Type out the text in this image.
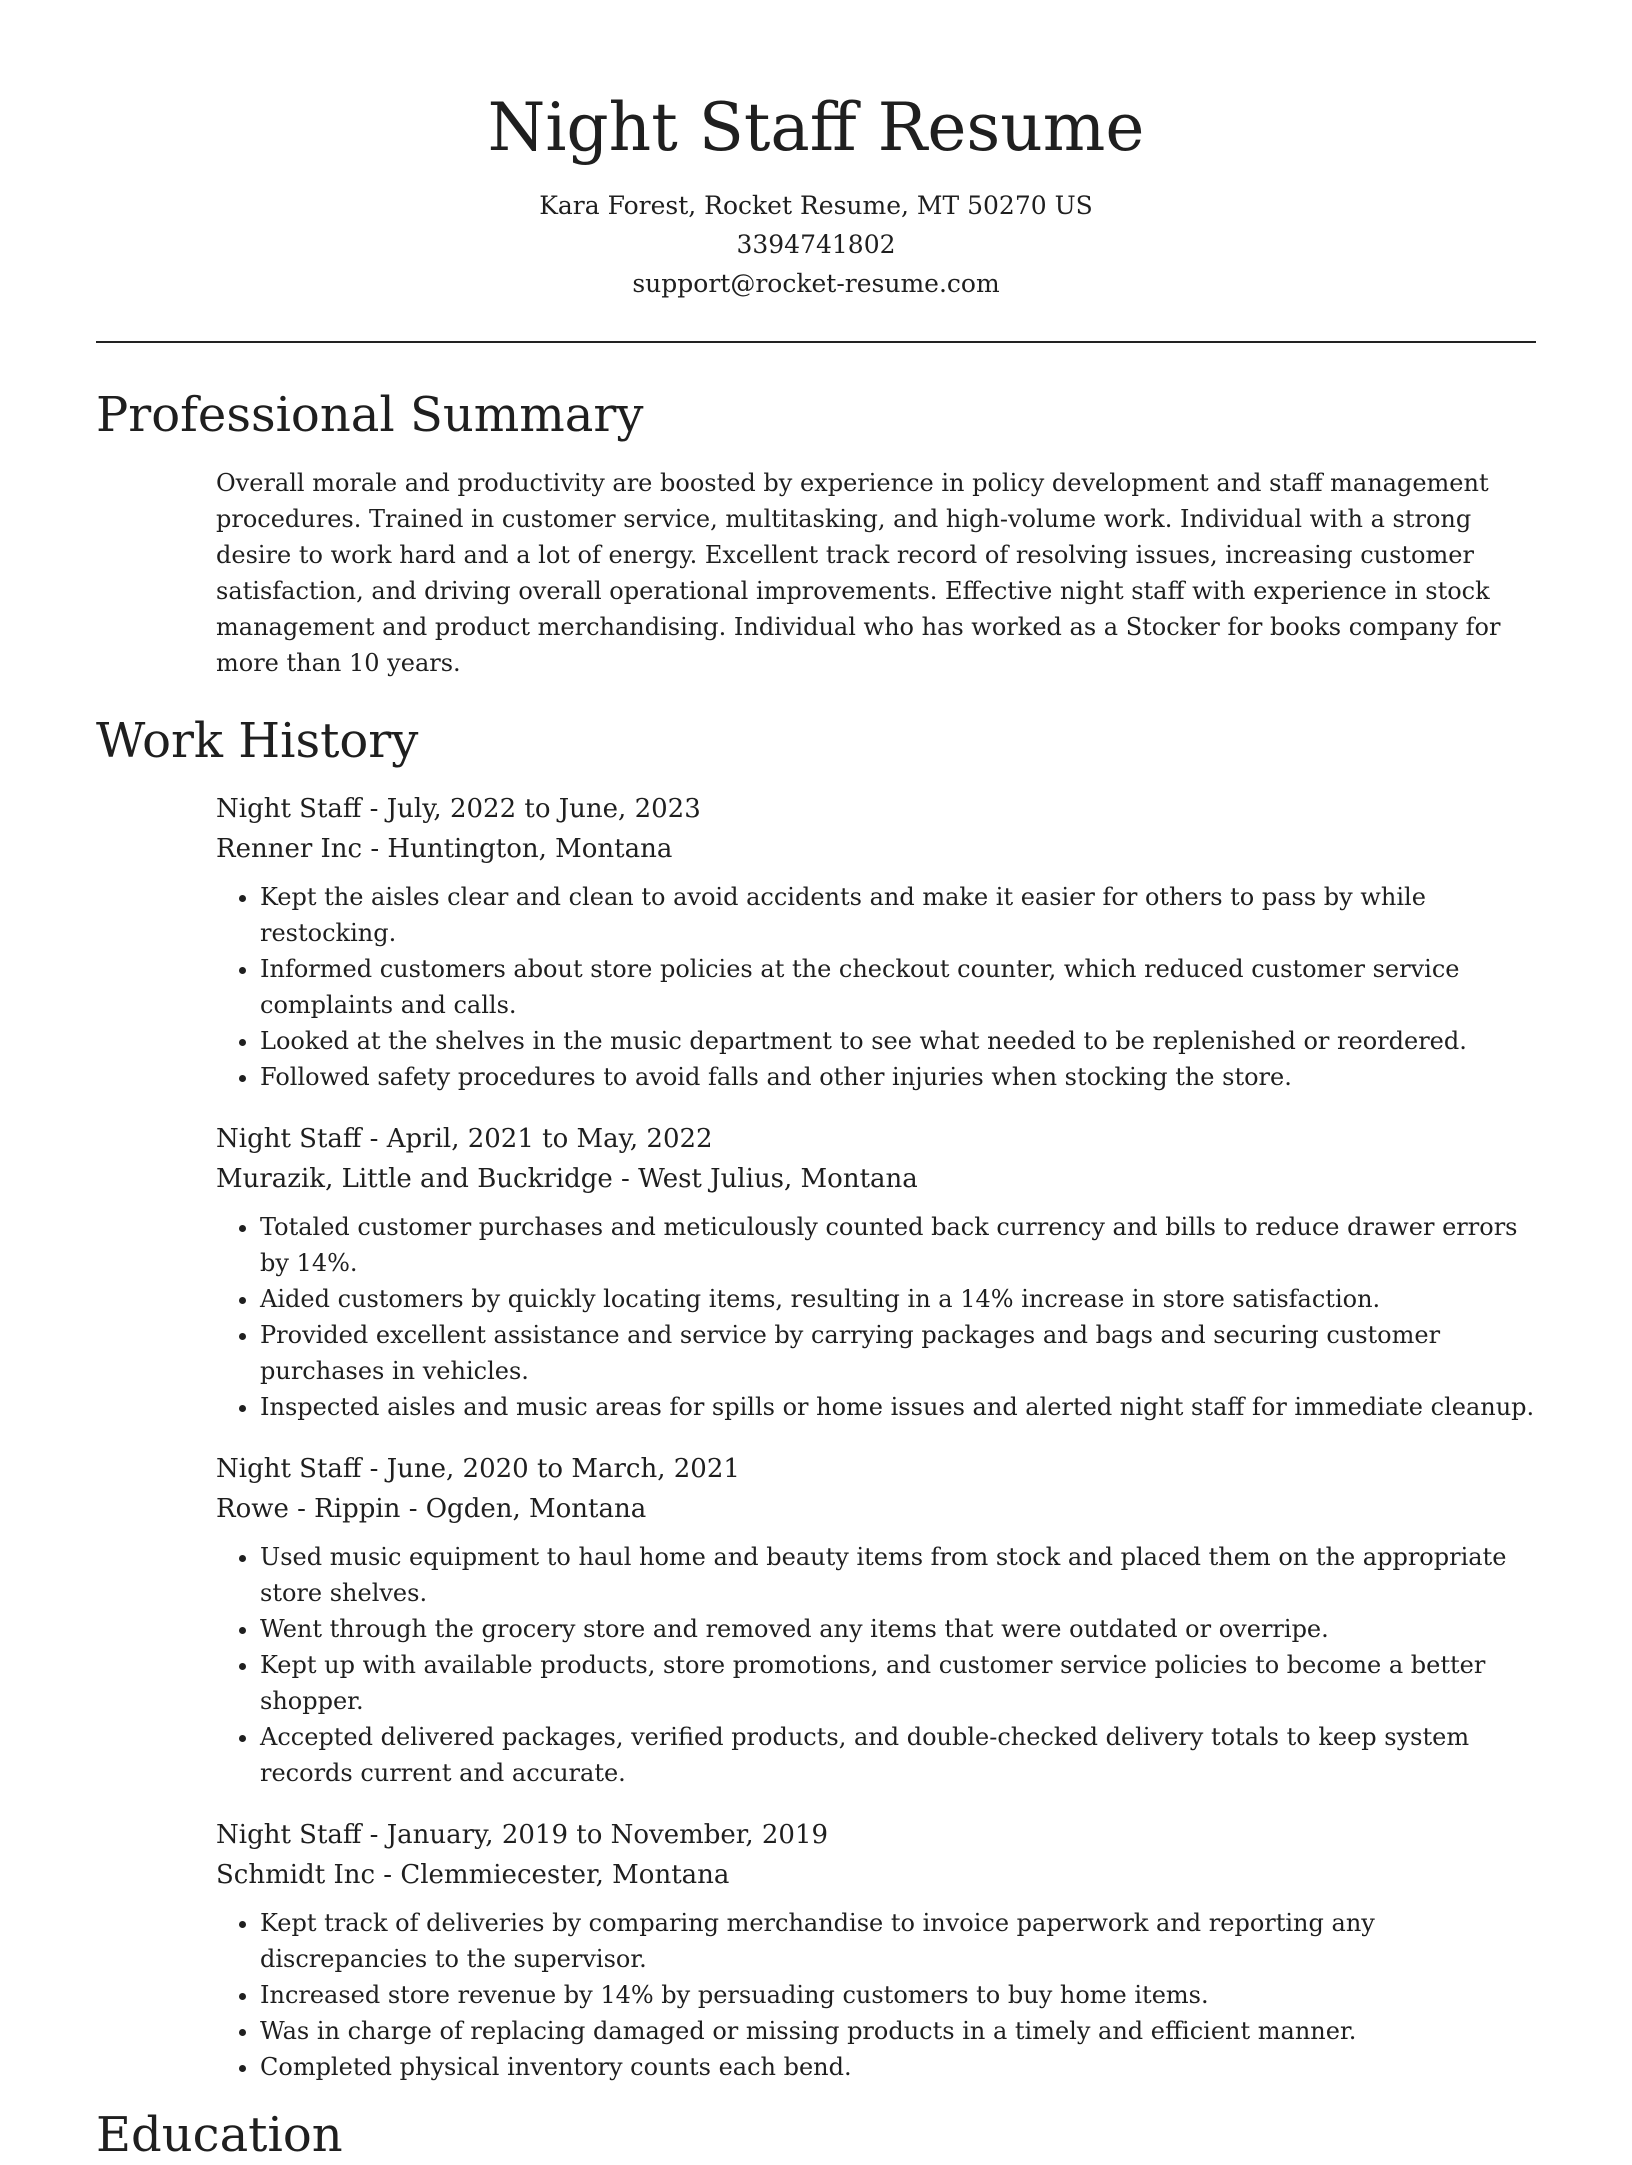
Night Staff Resume

Kara Forest, Rocket Resume, MT 50270 US

3394741802

support@rocket-resume.com

Professional Summary

Overall morale and productivity are boosted by experience in policy development and staff management procedures. Trained in customer service, multitasking, and high-volume work. Individual with a strong desire to work hard and a lot of energy. Excellent track record of resolving issues, increasing customer satisfaction, and driving overall operational improvements. Effective night staff with experience in stock management and product merchandising. Individual who has worked as a Stocker for books company for more than 10 years.

Work History

Night Staff - July, 2022 to June, 2023

Renner Inc - Huntington, Montana

• Kept the aisles clear and clean to avoid accidents and make it easier for others to pass by while restocking.
• Informed customers about store policies at the checkout counter, which reduced customer service complaints and calls.
• Looked at the shelves in the music department to see what needed to be replenished or reordered.
• Followed safety procedures to avoid falls and other injuries when stocking the store.

Night Staff - April, 2021 to May, 2022

Murazik, Little and Buckridge - West Julius, Montana

• Totaled customer purchases and meticulously counted back currency and bills to reduce drawer errors by 14%.
• Aided customers by quickly locating items, resulting in a 14% increase in store satisfaction.
• Provided excellent assistance and service by carrying packages and bags and securing customer purchases in vehicles.
• Inspected aisles and music areas for spills or home issues and alerted night staff for immediate cleanup.

Night Staff - June, 2020 to March, 2021

Rowe - Rippin - Ogden, Montana

• Used music equipment to haul home and beauty items from stock and placed them on the appropriate store shelves.
• Went through the grocery store and removed any items that were outdated or overripe.
• Kept up with available products, store promotions, and customer service policies to become a better shopper.
• Accepted delivered packages, verified products, and double-checked delivery totals to keep system records current and accurate.

Night Staff - January, 2019 to November, 2019

Schmidt Inc - Clemmiecester, Montana

• Kept track of deliveries by comparing merchandise to invoice paperwork and reporting any discrepancies to the supervisor.
• Increased store revenue by 14% by persuading customers to buy home items.
• Was in charge of replacing damaged or missing products in a timely and efficient manner.
• Completed physical inventory counts each bend.
Education
